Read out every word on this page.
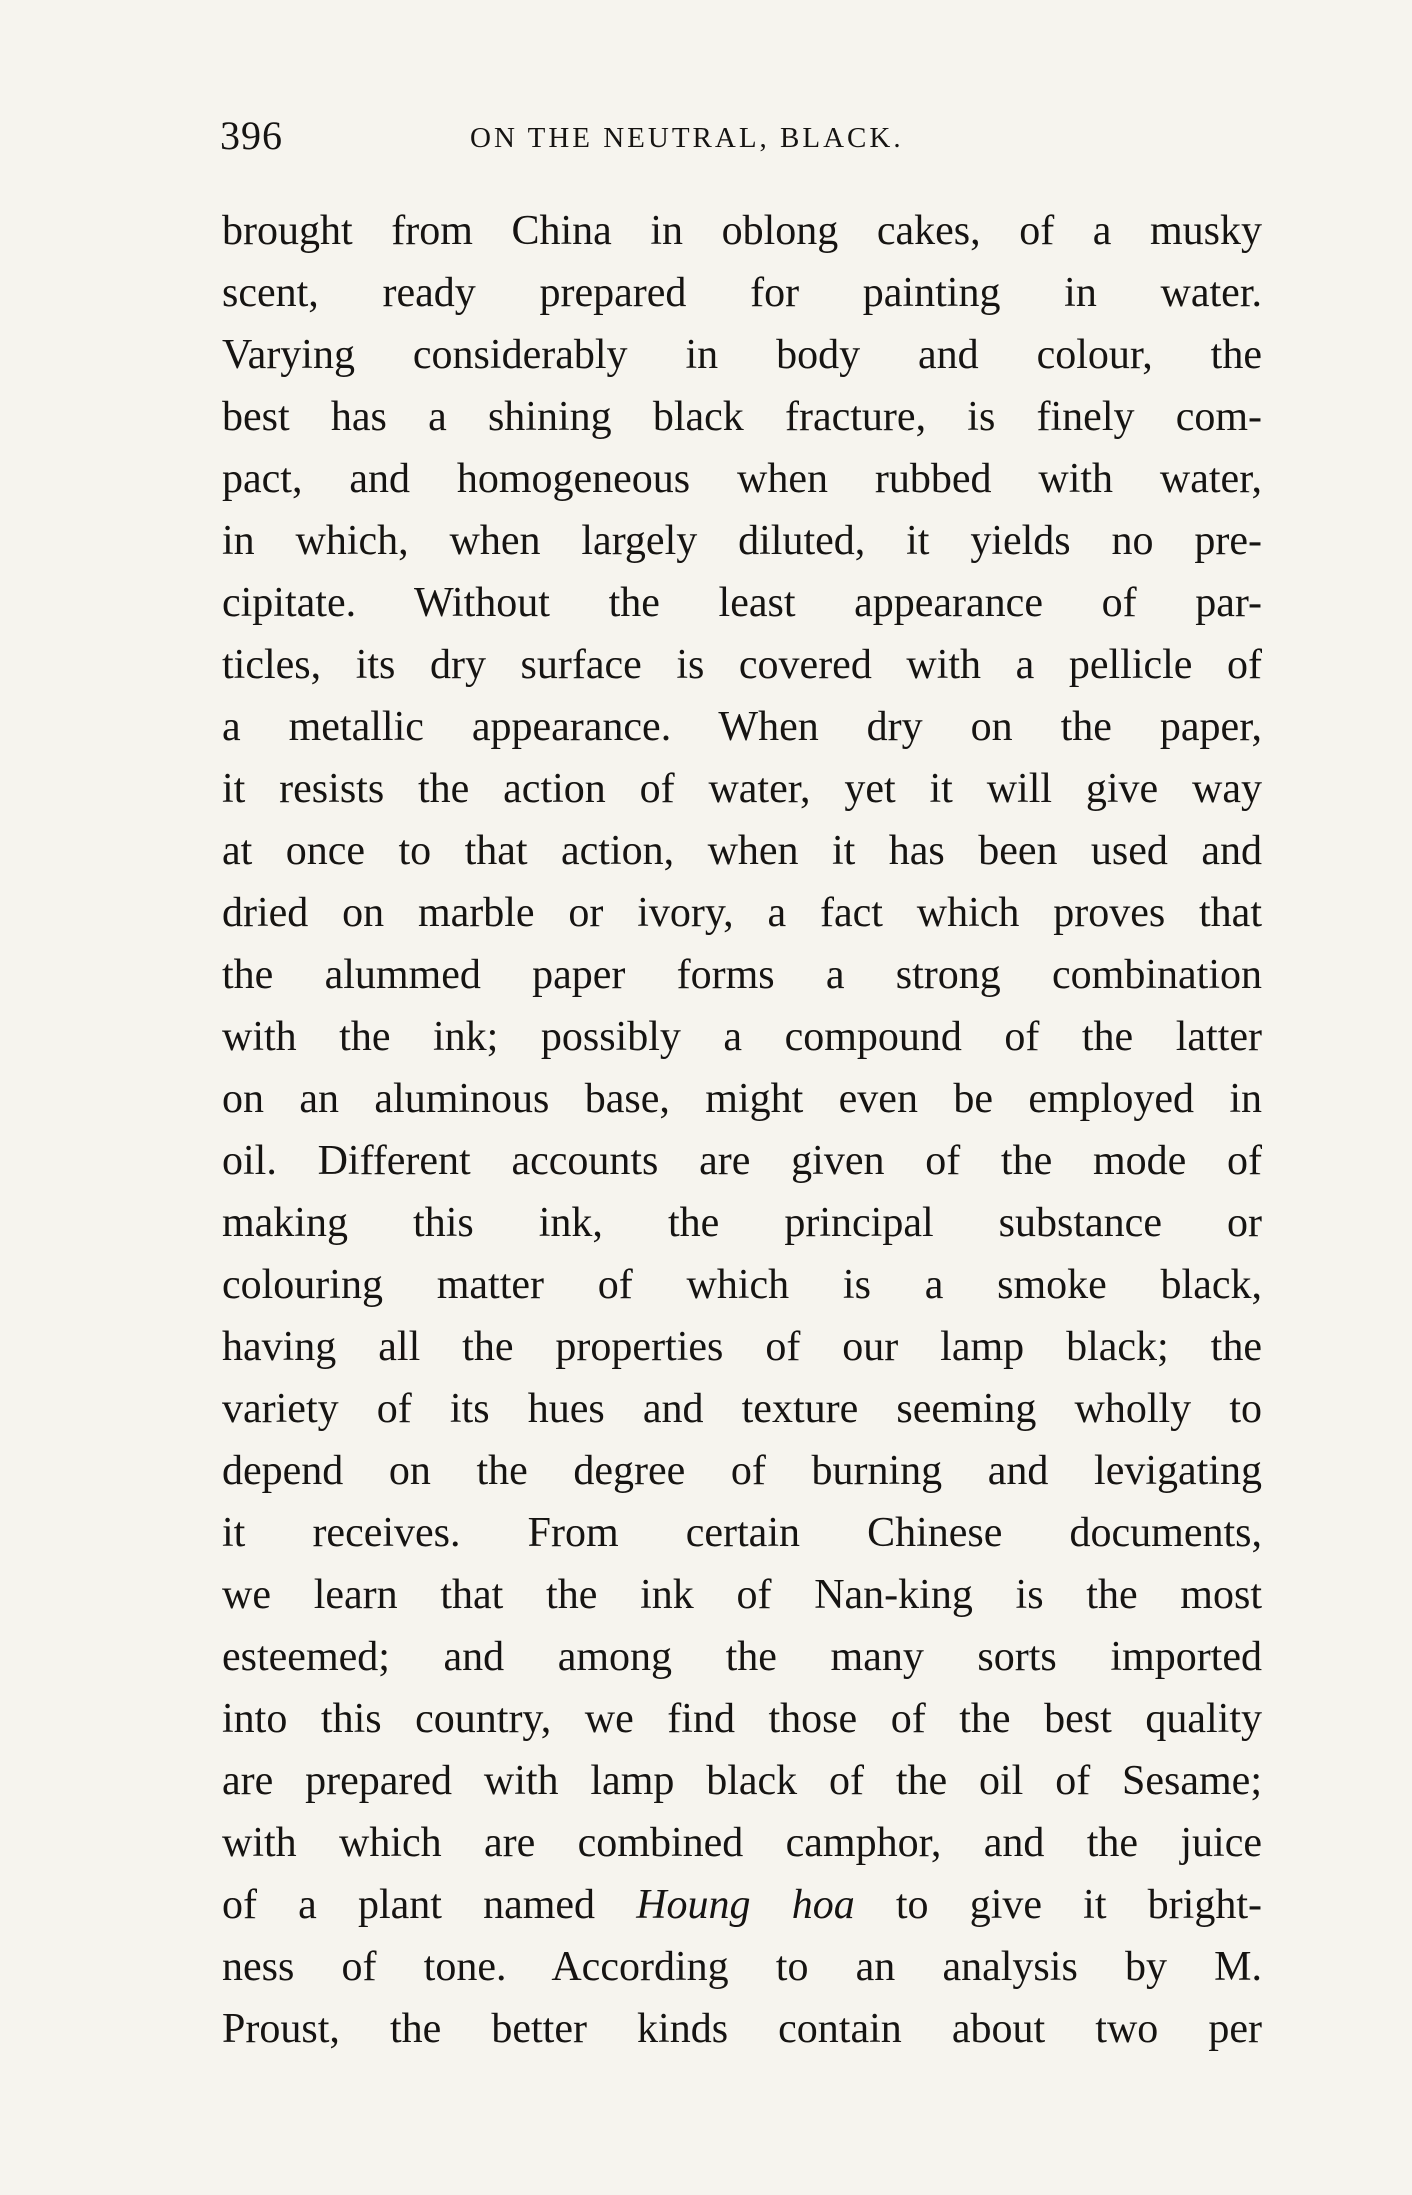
396	ON THE NEUTRAL, BLACK.
brought from China in oblong cakes, of a musky
scent, ready prepared for painting in water.
Varying considerably in body and colour, the
best has a shining black fracture, is finely com-
pact, and homogeneous when rubbed with water,
in which, when largely diluted, it yields no pre-
cipitate. Without the least appearance of par-
ticles, its dry surface is covered with a pellicle of
a metallic appearance. When dry on the paper,
it resists the action of water, yet it will give way
at once to that action, when it has been used and
dried on marble or ivory, a fact which proves that
the alummed paper forms a strong combination
with the ink; possibly a compound of the latter
on an aluminous base, might even be employed in
oil. Different accounts are given of the mode of
making this ink, the principal substance or
colouring matter of which is a smoke black,
having all the properties of our lamp black; the
variety of its hues and texture seeming wholly to
depend on the degree of burning and levigating
it receives. From certain Chinese documents,
we learn that the ink of Nan-king is the most
esteemed; and among the many sorts imported
into this country, we find those of the best quality
are prepared with lamp black of the oil of Sesame;
with which are combined camphor, and the juice
of a plant named Houng hoa to give it bright-
ness of tone. According to an analysis by M.
Proust, the better kinds contain about two per
